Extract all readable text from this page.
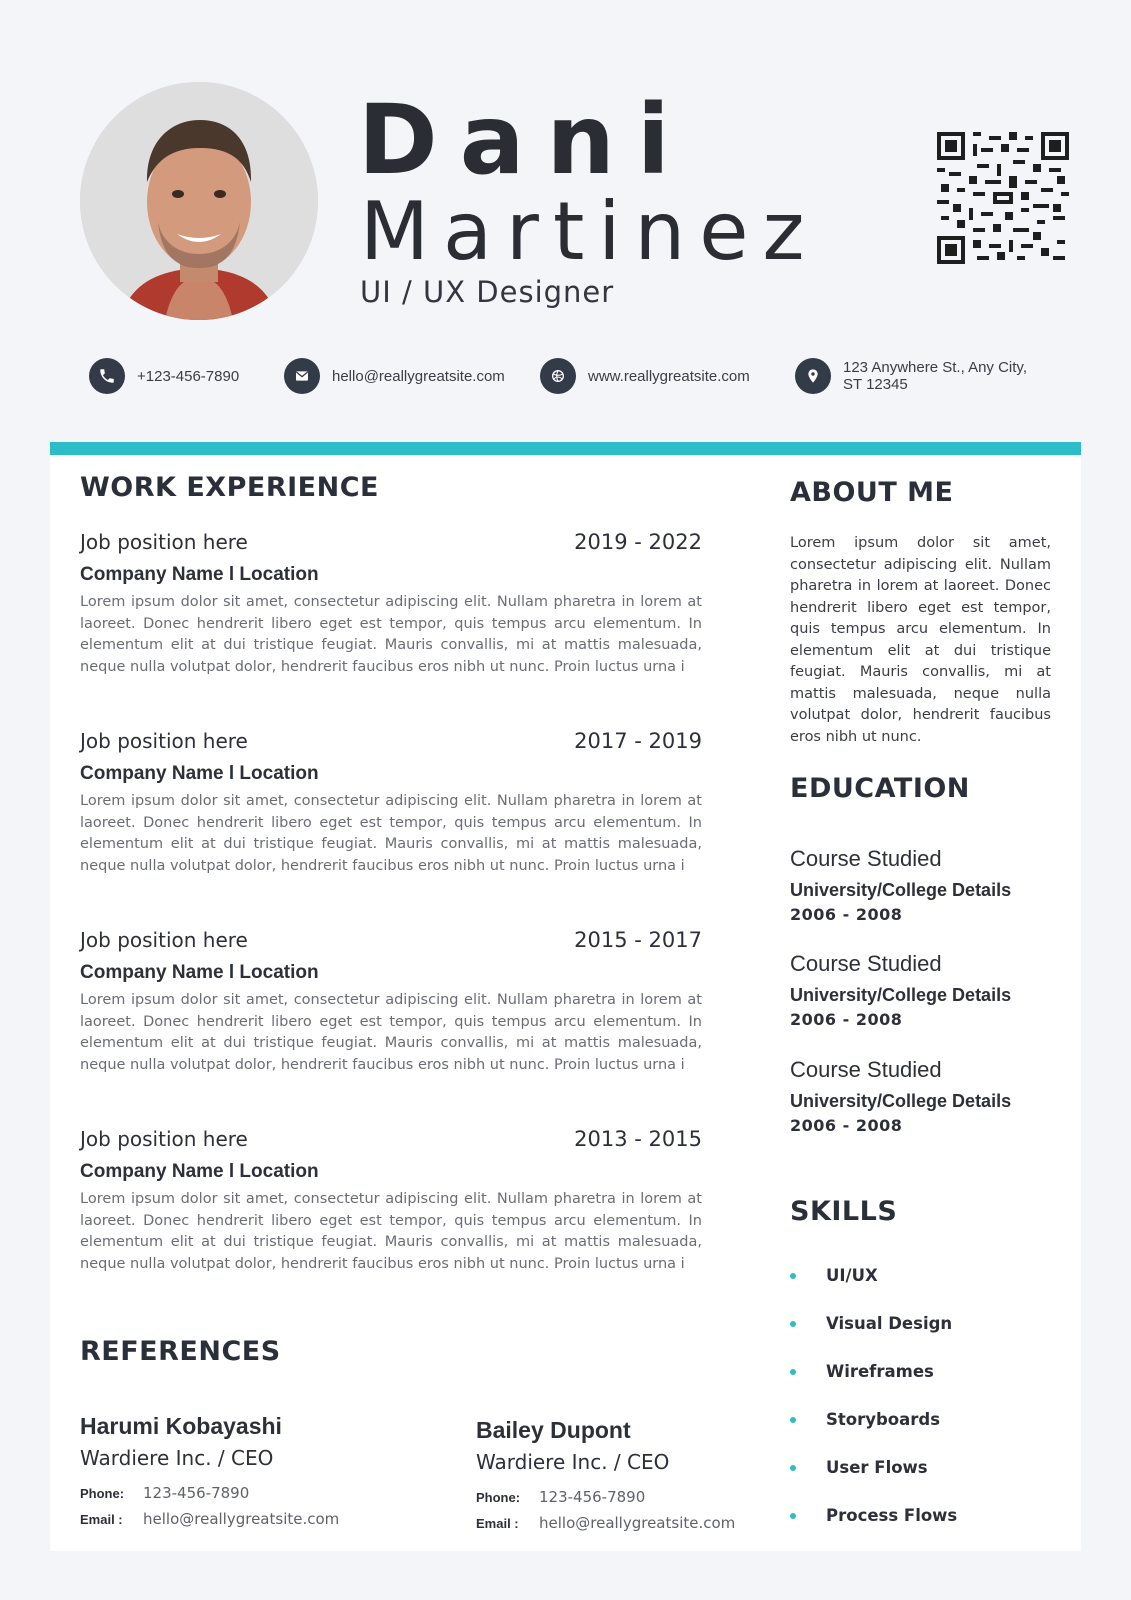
Dani
Martinez
UI / UX Designer
+123-456-7890	hello@reallygreatsite.com	www.reallygreatsite.com	123 Anywhere St., Any City,
ST 12345
WORK EXPERIENCE
Job position here	2019 - 2022
Company Name l Location
Lorem ipsum dolor sit amet, consectetur adipiscing elit. Nullam pharetra in lorem at laoreet. Donec hendrerit libero eget est tempor, quis tempus arcu elementum. In elementum elit at dui tristique feugiat. Mauris convallis, mi at mattis malesuada, neque nulla volutpat dolor, hendrerit faucibus eros nibh ut nunc. Proin luctus urna i
Job position here	2017 - 2019
Company Name l Location
Lorem ipsum dolor sit amet, consectetur adipiscing elit. Nullam pharetra in lorem at laoreet. Donec hendrerit libero eget est tempor, quis tempus arcu elementum. In elementum elit at dui tristique feugiat. Mauris convallis, mi at mattis malesuada, neque nulla volutpat dolor, hendrerit faucibus eros nibh ut nunc. Proin luctus urna i
Job position here	2015 - 2017
Company Name l Location
Lorem ipsum dolor sit amet, consectetur adipiscing elit. Nullam pharetra in lorem at laoreet. Donec hendrerit libero eget est tempor, quis tempus arcu elementum. In elementum elit at dui tristique feugiat. Mauris convallis, mi at mattis malesuada, neque nulla volutpat dolor, hendrerit faucibus eros nibh ut nunc. Proin luctus urna i
Job position here	2013 - 2015
Company Name l Location
Lorem ipsum dolor sit amet, consectetur adipiscing elit. Nullam pharetra in lorem at laoreet. Donec hendrerit libero eget est tempor, quis tempus arcu elementum. In elementum elit at dui tristique feugiat. Mauris convallis, mi at mattis malesuada, neque nulla volutpat dolor, hendrerit faucibus eros nibh ut nunc. Proin luctus urna i
ABOUT ME
Lorem ipsum dolor sit amet, consectetur adipiscing elit. Nullam pharetra in lorem at laoreet. Donec hendrerit libero eget est tempor, quis tempus arcu elementum. In elementum elit at dui tristique feugiat. Mauris convallis, mi at mattis malesuada, neque nulla volutpat dolor, hendrerit faucibus eros nibh ut nunc.
EDUCATION
Course Studied
University/College Details
2006 - 2008
Course Studied
University/College Details
2006 - 2008
Course Studied
University/College Details
2006 - 2008
SKILLS
UI/UX
Visual Design
Wireframes
Storyboards
User Flows
Process Flows
REFERENCES
Harumi Kobayashi
Wardiere Inc. / CEO
Phone:	123-456-7890
Email :	hello@reallygreatsite.com
Bailey Dupont
Wardiere Inc. / CEO
Phone:	123-456-7890
Email :	hello@reallygreatsite.com
